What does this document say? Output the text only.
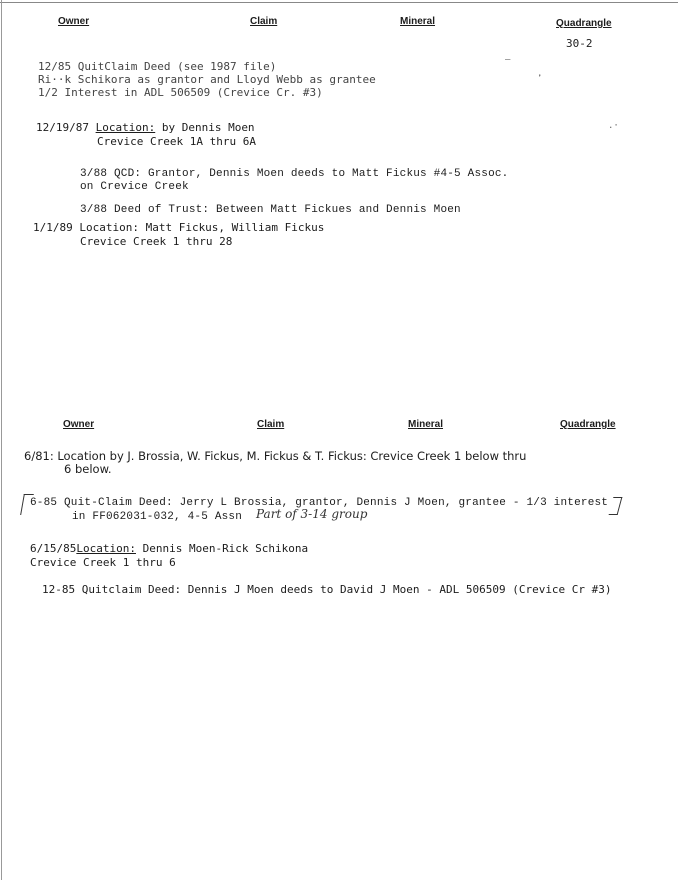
Owner	Claim	Mineral	Quadrangle
30-2
12/85 QuitClaim Deed (see 1987 file)
Ri··k Schikora as grantor and Lloyd Webb as grantee
1/2 Interest in ADL 506509 (Crevice Cr. #3)
—
❜
12/19/87 Location: by Dennis Moen
Crevice Creek 1A thru 6A
.·
3/88 QCD: Grantor, Dennis Moen deeds to Matt Fickus #4-5 Assoc.
on Crevice Creek
3/88 Deed of Trust: Between Matt Fickues and Dennis Moen
1/1/89 Location: Matt Fickus, William Fickus
Crevice Creek 1 thru 28
Owner	Claim	Mineral	Quadrangle
6/81: Location by J. Brossia, W. Fickus, M. Fickus & T. Fickus: Crevice Creek 1 below thru
6 below.
6-85 Quit-Claim Deed: Jerry L Brossia, grantor, Dennis J Moen, grantee - 1/3 interest
in FF062031-032, 4-5 Assn Part of 3-14 group
6/15/85Location: Dennis Moen-Rick Schikona
Crevice Creek 1 thru 6
12-85 Quitclaim Deed: Dennis J Moen deeds to David J Moen - ADL 506509 (Crevice Cr #3)
